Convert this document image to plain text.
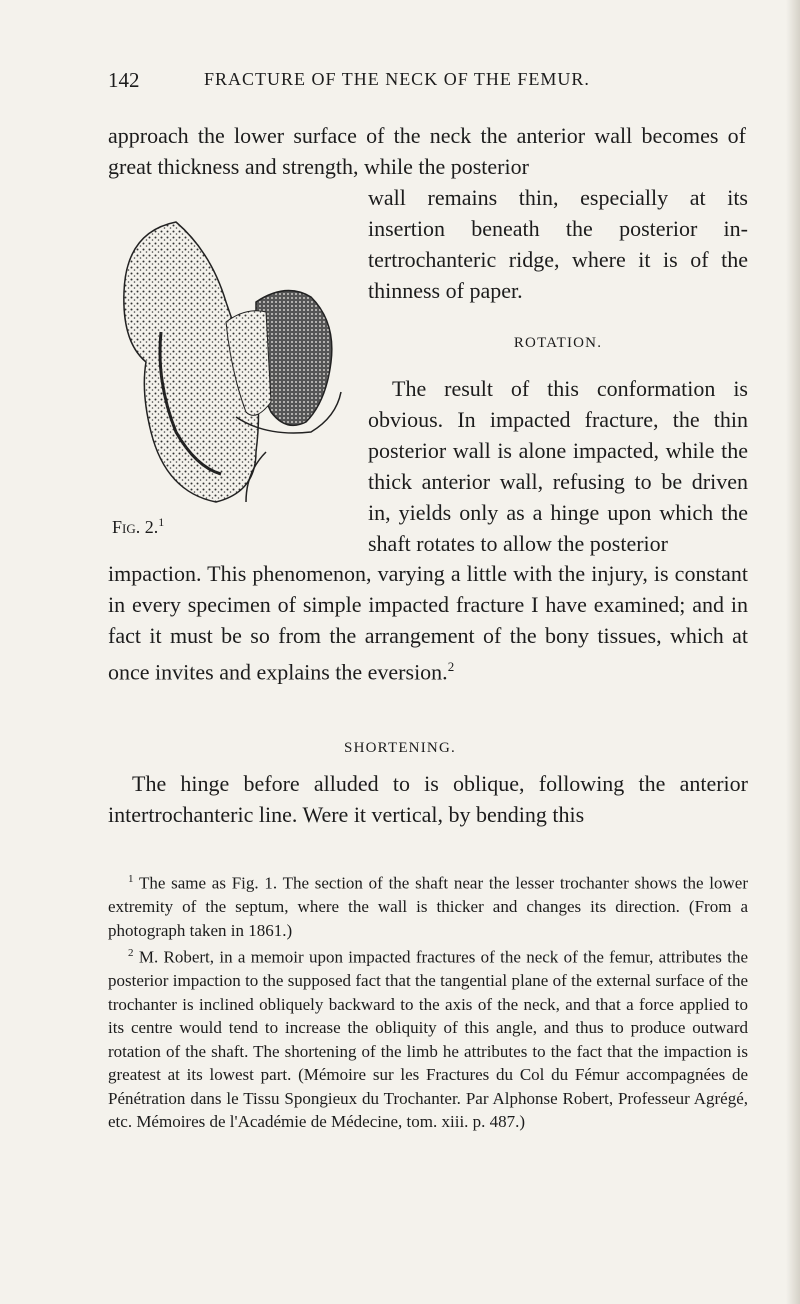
142	FRACTURE OF THE NECK OF THE FEMUR.
approach the lower surface of the neck the anterior wall becomes of great thickness and strength, while the posterior
Fig. 2.$^1$

wall remains thin, especially at its insertion beneath the posterior intertrochanteric ridge, where it is of the thinness of paper.

ROTATION.

The result of this conformation is obvious. In impacted fracture, the thin posterior wall is alone impacted, while the thick anterior wall, refusing to be driven in, yields only as a hinge upon which the shaft rotates to allow the posterior

impaction. This phenomenon, varying a little with the injury, is constant in every specimen of simple impacted fracture I have examined; and in fact it must be so from the arrangement of the bony tissues, which at once invites and explains the eversion.$^2$
SHORTENING.
The hinge before alluded to is oblique, following the anterior intertrochanteric line. Were it vertical, by bending this

$^1$ The same as Fig. 1. The section of the shaft near the lesser trochanter shows the lower extremity of the septum, where the wall is thicker and changes its direction. (From a photograph taken in 1861.)

$^2$ M. Robert, in a memoir upon impacted fractures of the neck of the femur, attributes the posterior impaction to the supposed fact that the tangential plane of the external surface of the trochanter is inclined obliquely backward to the axis of the neck, and that a force applied to its centre would tend to increase the obliquity of this angle, and thus to produce outward rotation of the shaft. The shortening of the limb he attributes to the fact that the impaction is greatest at its lowest part. (Mémoire sur les Fractures du Col du Fémur accompagnées de Pénétration dans le Tissu Spongieux du Trochanter. Par Alphonse Robert, Professeur Agrégé, etc. Mémoires de l'Académie de Médecine, tom. xiii. p. 487.)
